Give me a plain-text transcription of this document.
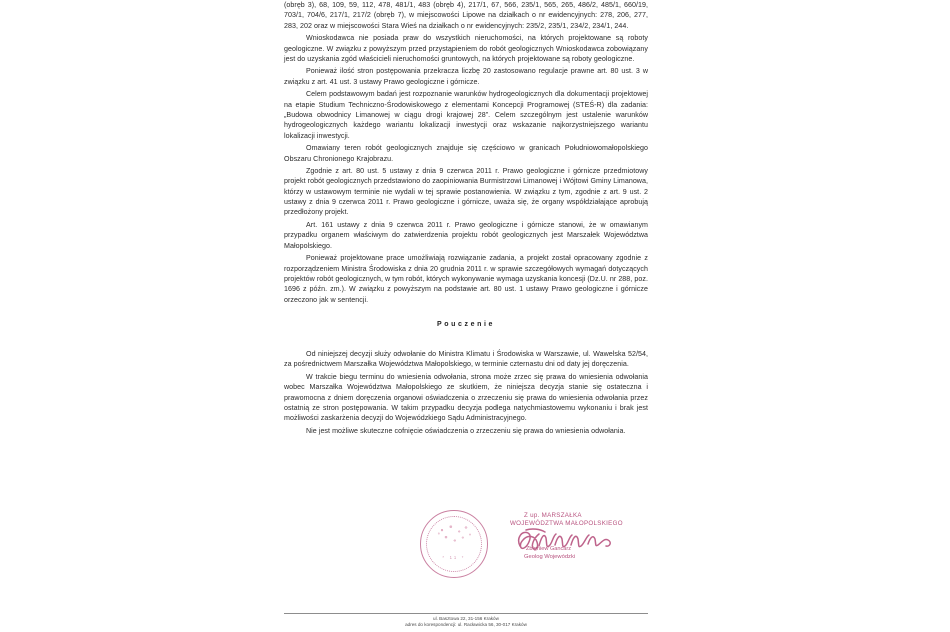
(obręb 3), 68, 109, 59, 112, 478, 481/1, 483 (obręb 4), 217/1, 67, 566, 235/1, 565, 265, 486/2, 485/1, 660/19, 703/1, 704/6, 217/1, 217/2 (obręb 7), w miejscowości Lipowe na działkach o nr ewidencyjnych: 278, 206, 277, 283, 202 oraz w miejscowości Stara Wieś na działkach o nr ewidencyjnych: 235/2, 235/1, 234/2, 234/1, 244.

Wnioskodawca nie posiada praw do wszystkich nieruchomości, na których projektowane są roboty geologiczne. W związku z powyższym przed przystąpieniem do robót geologicznych Wnioskodawca zobowiązany jest do uzyskania zgód właścicieli nieruchomości gruntowych, na których projektowane są roboty geologiczne.

Ponieważ ilość stron postępowania przekracza liczbę 20 zastosowano regulacje prawne art. 80 ust. 3 w związku z art. 41 ust. 3 ustawy Prawo geologiczne i górnicze.

Celem podstawowym badań jest rozpoznanie warunków hydrogeologicznych dla dokumentacji projektowej na etapie Studium Techniczno-Środowiskowego z elementami Koncepcji Programowej (STEŚ-R) dla zadania: „Budowa obwodnicy Limanowej w ciągu drogi krajowej 28”. Celem szczególnym jest ustalenie warunków hydrogeologicznych każdego wariantu lokalizacji inwestycji oraz wskazanie najkorzystniejszego wariantu lokalizacji inwestycji.

Omawiany teren robót geologicznych znajduje się częściowo w granicach Południowomałopolskiego Obszaru Chronionego Krajobrazu.

Zgodnie z art. 80 ust. 5 ustawy z dnia 9 czerwca 2011 r. Prawo geologiczne i górnicze przedmiotowy projekt robót geologicznych przedstawiono do zaopiniowania Burmistrzowi Limanowej i Wójtowi Gminy Limanowa, którzy w ustawowym terminie nie wydali w tej sprawie postanowienia. W związku z tym, zgodnie z art. 9 ust. 2 ustawy z dnia 9 czerwca 2011 r. Prawo geologiczne i górnicze, uważa się, że organy współdziałające aprobują przedłożony projekt.

Art. 161 ustawy z dnia 9 czerwca 2011 r. Prawo geologiczne i górnicze stanowi, że w omawianym przypadku organem właściwym do zatwierdzenia projektu robót geologicznych jest Marszałek Województwa Małopolskiego.

Ponieważ projektowane prace umożliwiają rozwiązanie zadania, a projekt został opracowany zgodnie z rozporządzeniem Ministra Środowiska z dnia 20 grudnia 2011 r. w sprawie szczegółowych wymagań dotyczących projektów robót geologicznych, w tym robót, których wykonywanie wymaga uzyskania koncesji (Dz.U. nr 288, poz. 1696 z późn. zm.). W związku z powyższym na podstawie art. 80 ust. 1 ustawy Prawo geologiczne i górnicze orzeczono jak w sentencji.

Pouczenie

Od niniejszej decyzji służy odwołanie do Ministra Klimatu i Środowiska w Warszawie, ul. Wawelska 52/54, za pośrednictwem Marszałka Województwa Małopolskiego, w terminie czternastu dni od daty jej doręczenia.

W trakcie biegu terminu do wniesienia odwołania, strona może zrzec się prawa do wniesienia odwołania wobec Marszałka Województwa Małopolskiego ze skutkiem, że niniejsza decyzja stanie się ostateczna i prawomocna z dniem doręczenia organowi oświadczenia o zrzeczeniu się prawa do wniesienia odwołania przez ostatnią ze stron postępowania. W takim przypadku decyzja podlega natychmiastowemu wykonaniu i brak jest możliwości zaskarżenia decyzji do Wojewódzkiego Sądu Administracyjnego.

Nie jest możliwe skuteczne cofnięcie oświadczenia o zrzeczeniu się prawa do wniesienia odwołania.

* 11 *
Z up. MARSZAŁKA
WOJEWÓDZTWA MAŁOPOLSKIEGO
Zbigniew Gancarz
Geolog Wojewódzki
ul. Basztowa 22, 31-156 Kraków
adres do korespondencji: ul. Racławicka 56, 30-017 Kraków
